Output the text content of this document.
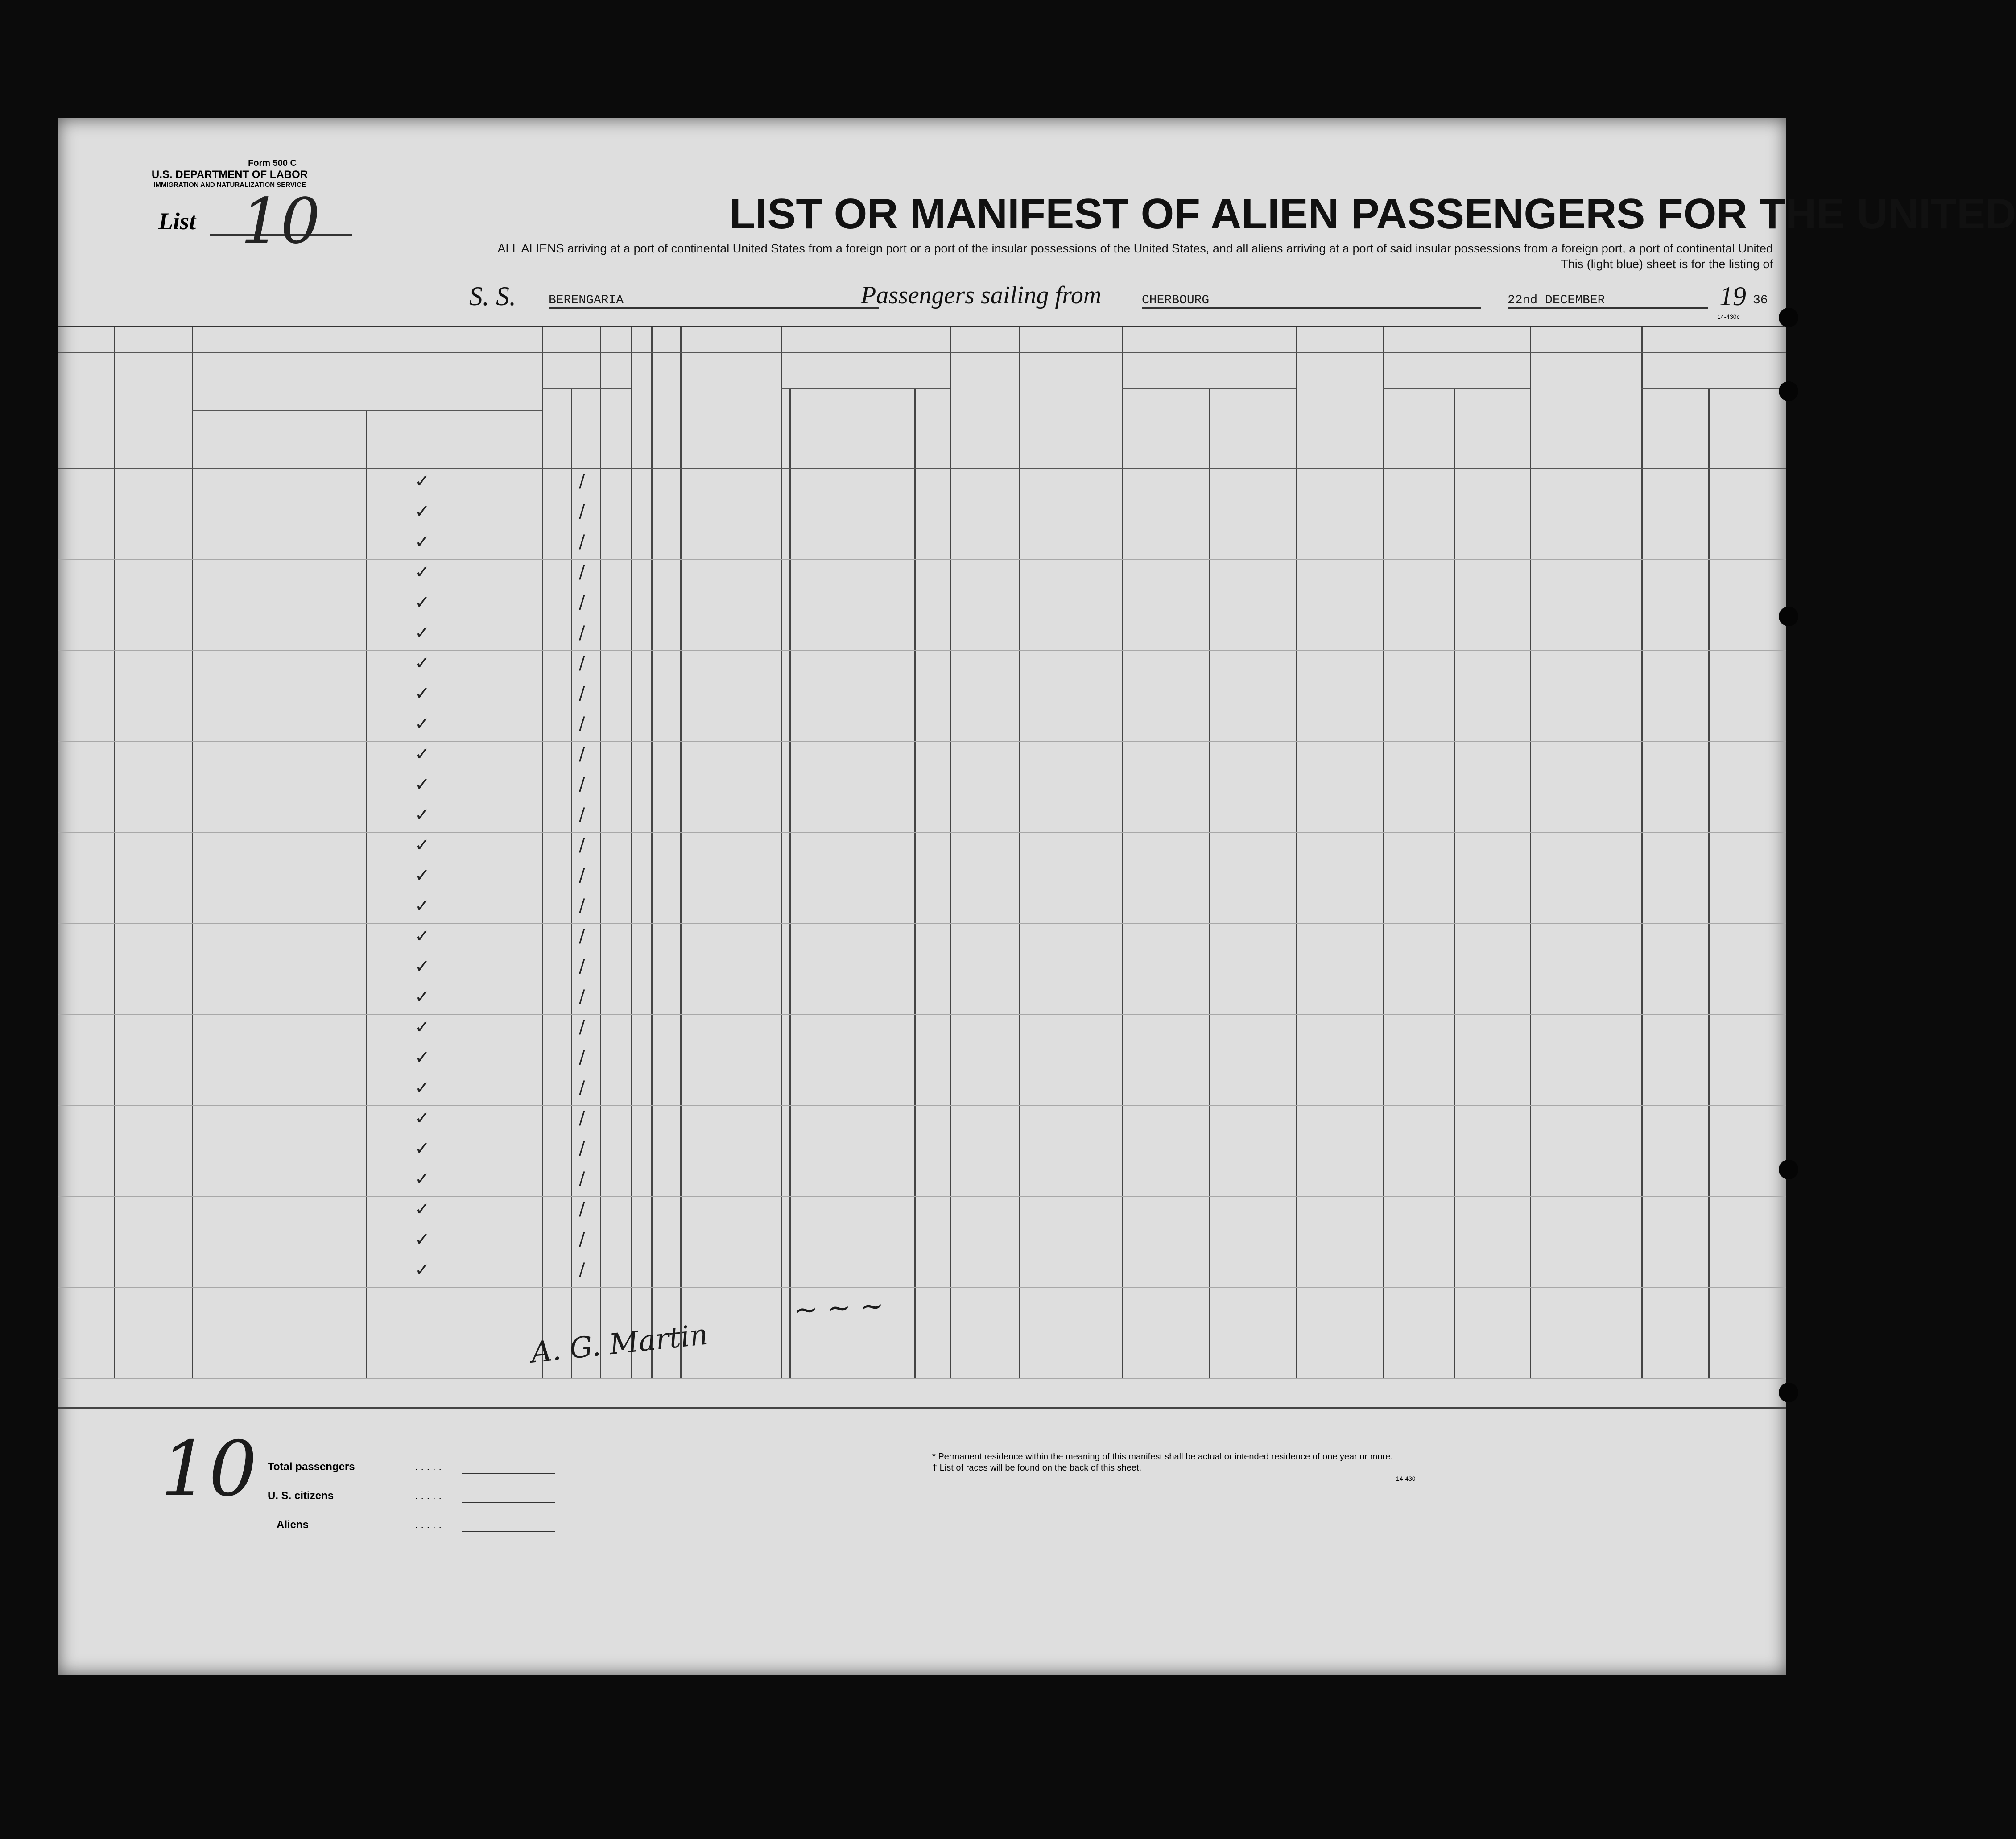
Form 500 C
U.S. DEPARTMENT OF LABOR
IMMIGRATION AND NATURALIZATION SERVICE
List 10	LIST OR MANIFEST OF ALIEN PASSENGERS FOR THE UNITED
ALL ALIENS arriving at a port of continental United States from a foreign port or a port of the insular possessions of the United States, and all aliens arriving at a port of said insular possessions from a foreign port, a port of continental United
This (light blue) sheet is for the listing of
S. S.	BERENGARIA	Passengers sailing from	CHERBOURG	22nd DECEMBER	19 36
14-430c
✓	/
✓	/
✓	/
✓	/
✓	/
✓	/
✓	/
✓	/
✓	/
✓	/
✓	/
✓	/
✓	/
✓	/
✓	/
✓	/
✓	/
✓	/
✓	/
✓	/
✓	/
✓	/
✓	/
✓	/
✓	/
✓	/
✓	/
A. G. Martin
~ ~ ~
Total passengers	. . . . .
U. S. citizens	. . . . .
Aliens	. . . . .
10	* Permanent residence within the meaning of this manifest shall be actual or intended residence of one year or more.
† List of races will be found on the back of this sheet.
14-430
